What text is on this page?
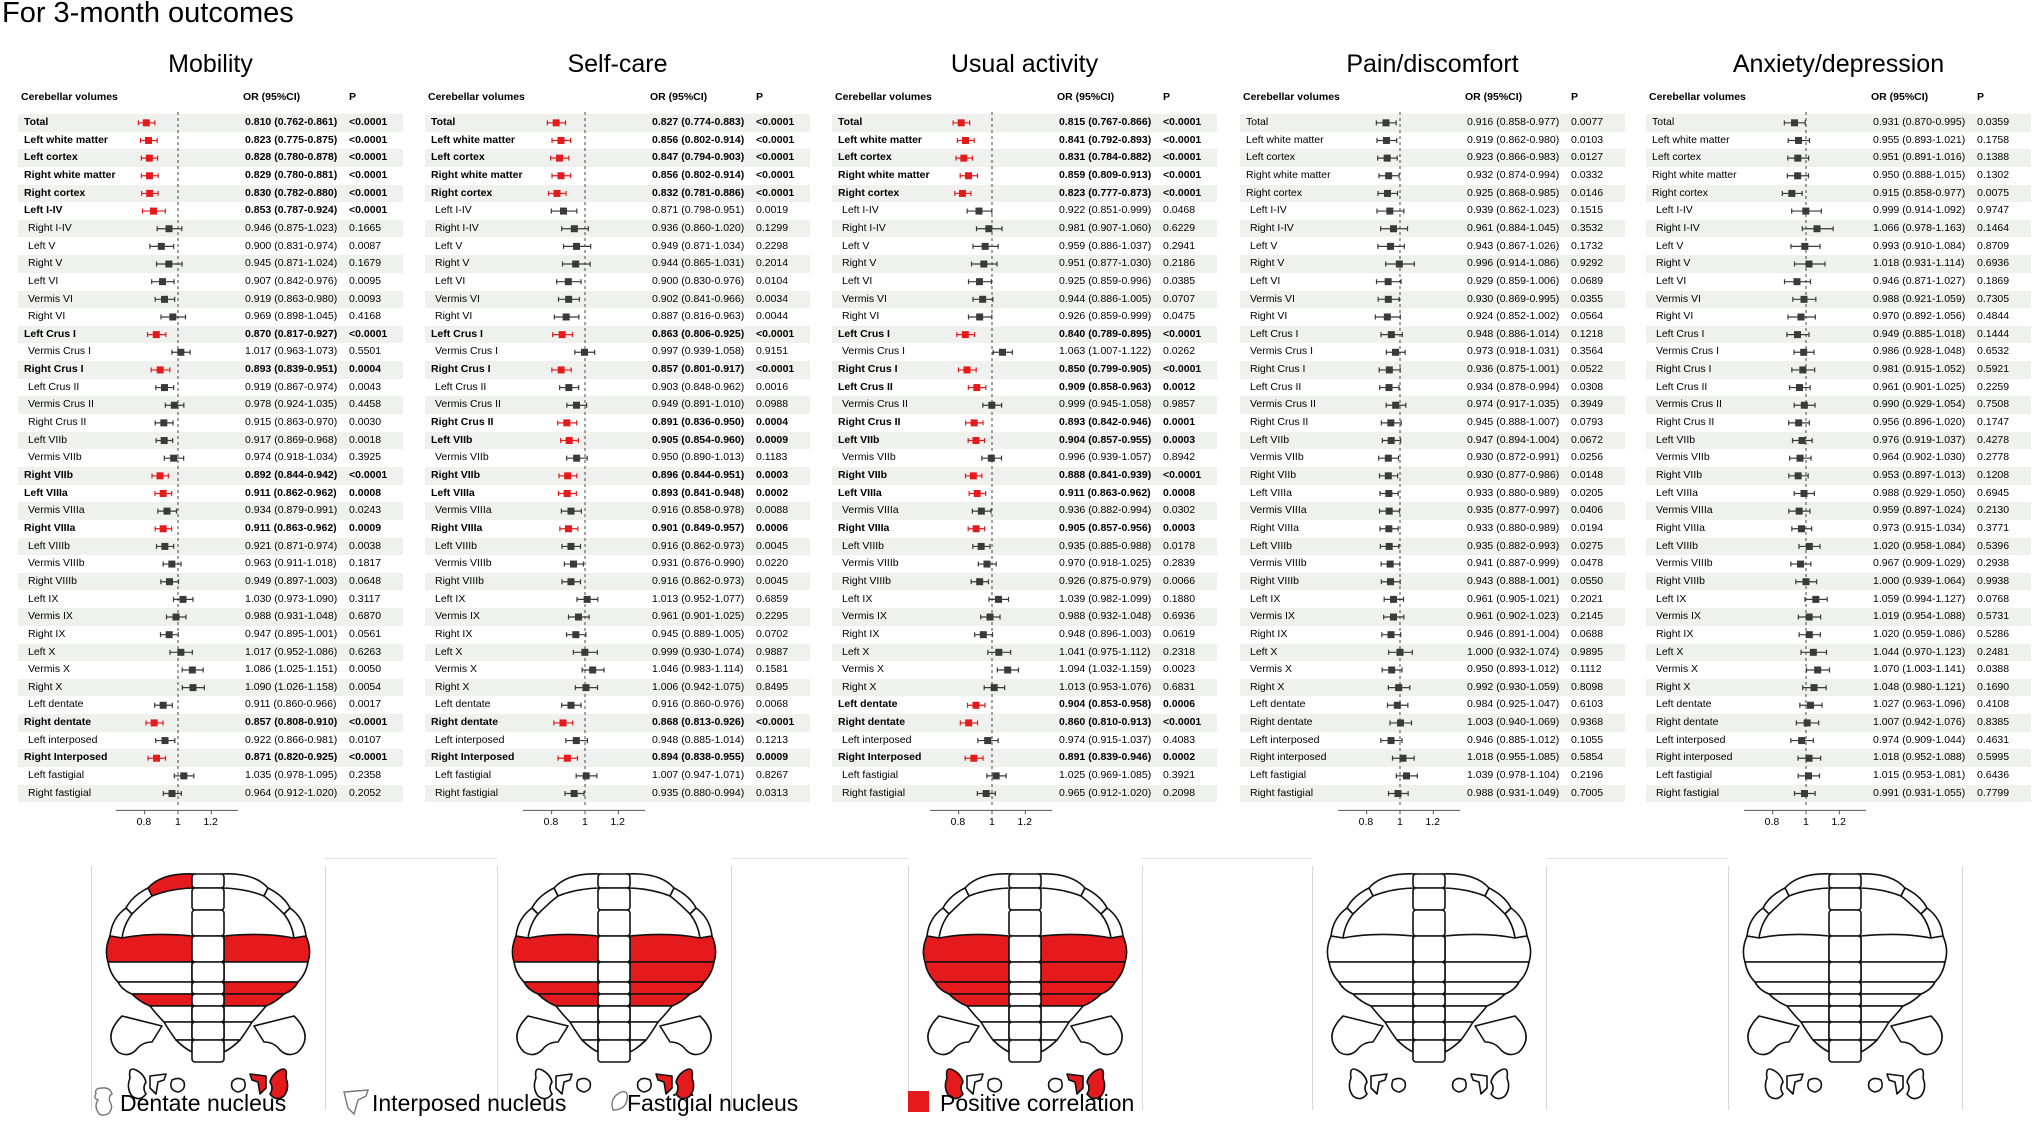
For 3-month outcomes
Mobility
Cerebellar volumes	OR (95%CI)	P
Total	0.810 (0.762-0.861) <0.0001
Left white matter	0.823 (0.775-0.875) <0.0001
Left cortex	0.828 (0.780-0.878) <0.0001
Right white matter	0.829 (0.780-0.881) <0.0001
Right cortex	0.830 (0.782-0.880) <0.0001
Left I-IV	0.853 (0.787-0.924) <0.0001
Right I-IV	0.946 (0.875-1.023) 0.1665
Left V	0.900 (0.831-0.974) 0.0087
Right V	0.945 (0.871-1.024) 0.1679
Left VI	0.907 (0.842-0.976) 0.0095
Vermis VI	0.919 (0.863-0.980) 0.0093
Right VI	0.969 (0.898-1.045) 0.4168
Left Crus I	0.870 (0.817-0.927) <0.0001
Vermis Crus I	1.017 (0.963-1.073) 0.5501
Right Crus I	0.893 (0.839-0.951) 0.0004
Left Crus II	0.919 (0.867-0.974) 0.0043
Vermis Crus II	0.978 (0.924-1.035) 0.4458
Right Crus II	0.915 (0.863-0.970) 0.0030
Left VIIb	0.917 (0.869-0.968) 0.0018
Vermis VIIb	0.974 (0.918-1.034) 0.3925
Right VIIb	0.892 (0.844-0.942) <0.0001
Left VIIIa	0.911 (0.862-0.962) 0.0008
Vermis VIIIa	0.934 (0.879-0.991) 0.0243
Right VIIIa	0.911 (0.863-0.962) 0.0009
Left VIIIb	0.921 (0.871-0.974) 0.0038
Vermis VIIIb	0.963 (0.911-1.018) 0.1817
Right VIIIb	0.949 (0.897-1.003) 0.0648
Left IX	1.030 (0.973-1.090) 0.3117
Vermis IX	0.988 (0.931-1.048) 0.6870
Right IX	0.947 (0.895-1.001) 0.0561
Left X	1.017 (0.952-1.086) 0.6263
Vermis X	1.086 (1.025-1.151) 0.0050
Right X	1.090 (1.026-1.158) 0.0054
Left dentate	0.911 (0.860-0.966) 0.0017
Right dentate	0.857 (0.808-0.910) <0.0001
Left interposed	0.922 (0.866-0.981) 0.0107
Right Interposed	0.871 (0.820-0.925) <0.0001
Left fastigial	1.035 (0.978-1.095) 0.2358
Right fastigial	0.964 (0.912-1.020) 0.2052
0.8 1 1.2
Self-care
Cerebellar volumes	OR (95%CI)	P
Total	0.827 (0.774-0.883) <0.0001
Left white matter	0.856 (0.802-0.914) <0.0001
Left cortex	0.847 (0.794-0.903) <0.0001
Right white matter	0.856 (0.802-0.914) <0.0001
Right cortex	0.832 (0.781-0.886) <0.0001
Left I-IV	0.871 (0.798-0.951) 0.0019
Right I-IV	0.936 (0.860-1.020) 0.1299
Left V	0.949 (0.871-1.034) 0.2298
Right V	0.944 (0.865-1.031) 0.2014
Left VI	0.900 (0.830-0.976) 0.0104
Vermis VI	0.902 (0.841-0.966) 0.0034
Right VI	0.887 (0.816-0.963) 0.0044
Left Crus I	0.863 (0.806-0.925) <0.0001
Vermis Crus I	0.997 (0.939-1.058) 0.9151
Right Crus I	0.857 (0.801-0.917) <0.0001
Left Crus II	0.903 (0.848-0.962) 0.0016
Vermis Crus II	0.949 (0.891-1.010) 0.0988
Right Crus II	0.891 (0.836-0.950) 0.0004
Left VIIb	0.905 (0.854-0.960) 0.0009
Vermis VIIb	0.950 (0.890-1.013) 0.1183
Right VIIb	0.896 (0.844-0.951) 0.0003
Left VIIIa	0.893 (0.841-0.948) 0.0002
Vermis VIIIa	0.916 (0.858-0.978) 0.0088
Right VIIIa	0.901 (0.849-0.957) 0.0006
Left VIIIb	0.916 (0.862-0.973) 0.0045
Vermis VIIIb	0.931 (0.876-0.990) 0.0220
Right VIIIb	0.916 (0.862-0.973) 0.0045
Left IX	1.013 (0.952-1.077) 0.6859
Vermis IX	0.961 (0.901-1.025) 0.2295
Right IX	0.945 (0.889-1.005) 0.0702
Left X	0.999 (0.930-1.074) 0.9887
Vermis X	1.046 (0.983-1.114) 0.1581
Right X	1.006 (0.942-1.075) 0.8495
Left dentate	0.916 (0.860-0.976) 0.0068
Right dentate	0.868 (0.813-0.926) <0.0001
Left interposed	0.948 (0.885-1.014) 0.1213
Right Interposed	0.894 (0.838-0.955) 0.0009
Left fastigial	1.007 (0.947-1.071) 0.8267
Right fastigial	0.935 (0.880-0.994) 0.0313
0.8 1 1.2
Usual activity
Cerebellar volumes	OR (95%CI)	P
Total	0.815 (0.767-0.866) <0.0001
Left white matter	0.841 (0.792-0.893) <0.0001
Left cortex	0.831 (0.784-0.882) <0.0001
Right white matter	0.859 (0.809-0.913) <0.0001
Right cortex	0.823 (0.777-0.873) <0.0001
Left I-IV	0.922 (0.851-0.999) 0.0468
Right I-IV	0.981 (0.907-1.060) 0.6229
Left V	0.959 (0.886-1.037) 0.2941
Right V	0.951 (0.877-1.030) 0.2186
Left VI	0.925 (0.859-0.996) 0.0385
Vermis VI	0.944 (0.886-1.005) 0.0707
Right VI	0.926 (0.859-0.999) 0.0475
Left Crus I	0.840 (0.789-0.895) <0.0001
Vermis Crus I	1.063 (1.007-1.122) 0.0262
Right Crus I	0.850 (0.799-0.905) <0.0001
Left Crus II	0.909 (0.858-0.963) 0.0012
Vermis Crus II	0.999 (0.945-1.058) 0.9857
Right Crus II	0.893 (0.842-0.946) 0.0001
Left VIIb	0.904 (0.857-0.955) 0.0003
Vermis VIIb	0.996 (0.939-1.057) 0.8942
Right VIIb	0.888 (0.841-0.939) <0.0001
Left VIIIa	0.911 (0.863-0.962) 0.0008
Vermis VIIIa	0.936 (0.882-0.994) 0.0302
Right VIIIa	0.905 (0.857-0.956) 0.0003
Left VIIIb	0.935 (0.885-0.988) 0.0178
Vermis VIIIb	0.970 (0.918-1.025) 0.2839
Right VIIIb	0.926 (0.875-0.979) 0.0066
Left IX	1.039 (0.982-1.099) 0.1880
Vermis IX	0.988 (0.932-1.048) 0.6936
Right IX	0.948 (0.896-1.003) 0.0619
Left X	1.041 (0.975-1.112) 0.2318
Vermis X	1.094 (1.032-1.159) 0.0023
Right X	1.013 (0.953-1.076) 0.6831
Left dentate	0.904 (0.853-0.958) 0.0006
Right dentate	0.860 (0.810-0.913) <0.0001
Left interposed	0.974 (0.915-1.037) 0.4083
Right Interposed	0.891 (0.839-0.946) 0.0002
Left fastigial	1.025 (0.969-1.085) 0.3921
Right fastigial	0.965 (0.912-1.020) 0.2098
0.8 1 1.2
Pain/discomfort
Cerebellar volumes	OR (95%CI)	P
Total	0.916 (0.858-0.977) 0.0077
Left white matter	0.919 (0.862-0.980) 0.0103
Left cortex	0.923 (0.866-0.983) 0.0127
Right white matter	0.932 (0.874-0.994) 0.0332
Right cortex	0.925 (0.868-0.985) 0.0146
Left I-IV	0.939 (0.862-1.023) 0.1515
Right I-IV	0.961 (0.884-1.045) 0.3532
Left V	0.943 (0.867-1.026) 0.1732
Right V	0.996 (0.914-1.086) 0.9292
Left VI	0.929 (0.859-1.006) 0.0689
Vermis VI	0.930 (0.869-0.995) 0.0355
Right VI	0.924 (0.852-1.002) 0.0564
Left Crus I	0.948 (0.886-1.014) 0.1218
Vermis Crus I	0.973 (0.918-1.031) 0.3564
Right Crus I	0.936 (0.875-1.001) 0.0522
Left Crus II	0.934 (0.878-0.994) 0.0308
Vermis Crus II	0.974 (0.917-1.035) 0.3949
Right Crus II	0.945 (0.888-1.007) 0.0793
Left VIIb	0.947 (0.894-1.004) 0.0672
Vermis VIIb	0.930 (0.872-0.991) 0.0256
Right VIIb	0.930 (0.877-0.986) 0.0148
Left VIIIa	0.933 (0.880-0.989) 0.0205
Vermis VIIIa	0.935 (0.877-0.997) 0.0406
Right VIIIa	0.933 (0.880-0.989) 0.0194
Left VIIIb	0.935 (0.882-0.993) 0.0275
Vermis VIIIb	0.941 (0.887-0.999) 0.0478
Right VIIIb	0.943 (0.888-1.001) 0.0550
Left IX	0.961 (0.905-1.021) 0.2021
Vermis IX	0.961 (0.902-1.023) 0.2145
Right IX	0.946 (0.891-1.004) 0.0688
Left X	1.000 (0.932-1.074) 0.9895
Vermis X	0.950 (0.893-1.012) 0.1112
Right X	0.992 (0.930-1.059) 0.8098
Left dentate	0.984 (0.925-1.047) 0.6103
Right dentate	1.003 (0.940-1.069) 0.9368
Left interposed	0.946 (0.885-1.012) 0.1055
Right interposed	1.018 (0.955-1.085) 0.5854
Left fastigial	1.039 (0.978-1.104) 0.2196
Right fastigial	0.988 (0.931-1.049) 0.7005
0.8 1 1.2
Anxiety/depression
Cerebellar volumes	OR (95%CI)	P
Total	0.931 (0.870-0.995) 0.0359
Left white matter	0.955 (0.893-1.021) 0.1758
Left cortex	0.951 (0.891-1.016) 0.1388
Right white matter	0.950 (0.888-1.015) 0.1302
Right cortex	0.915 (0.858-0.977) 0.0075
Left I-IV	0.999 (0.914-1.092) 0.9747
Right I-IV	1.066 (0.978-1.163) 0.1464
Left V	0.993 (0.910-1.084) 0.8709
Right V	1.018 (0.931-1.114) 0.6936
Left VI	0.946 (0.871-1.027) 0.1869
Vermis VI	0.988 (0.921-1.059) 0.7305
Right VI	0.970 (0.892-1.056) 0.4844
Left Crus I	0.949 (0.885-1.018) 0.1444
Vermis Crus I	0.986 (0.928-1.048) 0.6532
Right Crus I	0.981 (0.915-1.052) 0.5921
Left Crus II	0.961 (0.901-1.025) 0.2259
Vermis Crus II	0.990 (0.929-1.054) 0.7508
Right Crus II	0.956 (0.896-1.020) 0.1747
Left VIIb	0.976 (0.919-1.037) 0.4278
Vermis VIIb	0.964 (0.902-1.030) 0.2778
Right VIIb	0.953 (0.897-1.013) 0.1208
Left VIIIa	0.988 (0.929-1.050) 0.6945
Vermis VIIIa	0.959 (0.897-1.024) 0.2130
Right VIIIa	0.973 (0.915-1.034) 0.3771
Left VIIIb	1.020 (0.958-1.084) 0.5396
Vermis VIIIb	0.967 (0.909-1.029) 0.2938
Right VIIIb	1.000 (0.939-1.064) 0.9938
Left IX	1.059 (0.994-1.127) 0.0768
Vermis IX	1.019 (0.954-1.088) 0.5731
Right IX	1.020 (0.959-1.086) 0.5286
Left X	1.044 (0.970-1.123) 0.2481
Vermis X	1.070 (1.003-1.141) 0.0388
Right X	1.048 (0.980-1.121) 0.1690
Left dentate	1.027 (0.963-1.096) 0.4108
Right dentate	1.007 (0.942-1.076) 0.8385
Left interposed	0.974 (0.909-1.044) 0.4631
Right interposed	1.018 (0.952-1.088) 0.5995
Left fastigial	1.015 (0.953-1.081) 0.6436
Right fastigial	0.991 (0.931-1.055) 0.7799
0.8 1 1.2
Dentate nucleus	Interposed nucleus	Fastigial nucleus	Positive correlation
